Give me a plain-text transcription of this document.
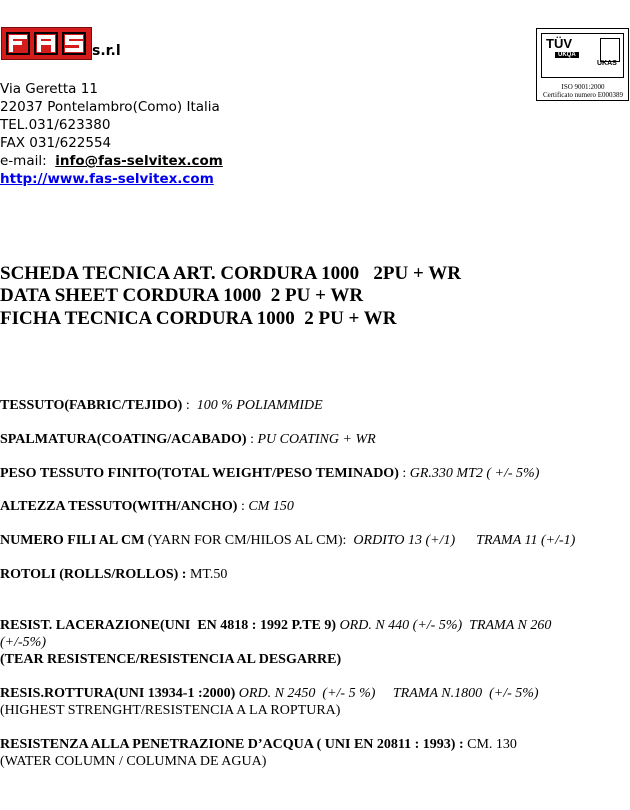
s.r.l	TÜV
UKQA
UKAS
ISO 9001:2000
Certificato numero E000389
Via Geretta 11
22037 Pontelambro(Como) Italia
TEL.031/623380
FAX 031/622554
e-mail: info@fas-selvitex.com
http://www.fas-selvitex.com
SCHEDA TECNICA ART. CORDURA 1000   2PU + WR
DATA SHEET CORDURA 1000  2 PU + WR
FICHA TECNICA CORDURA 1000  2 PU + WR
TESSUTO(FABRIC/TEJIDO) :  100 % POLIAMMIDE
SPALMATURA(COATING/ACABADO) : PU COATING + WR
PESO TESSUTO FINITO(TOTAL WEIGHT/PESO TEMINADO) : GR.330 MT2 ( +/- 5%)
ALTEZZA TESSUTO(WITH/ANCHO) : CM 150
NUMERO FILI AL CM (YARN FOR CM/HILOS AL CM): ORDITO 13 (+/1) TRAMA 11 (+/-1)
ROTOLI (ROLLS/ROLLOS) : MT.50
RESIST. LACERAZIONE(UNI  EN 4818 : 1992 P.TE 9) ORD. N 440 (+/- 5%)  TRAMA N 260
(+/-5%)
(TEAR RESISTENCE/RESISTENCIA AL DESGARRE)
RESIS.ROTTURA(UNI 13934-1 :2000) ORD. N 2450  (+/- 5 %)     TRAMA N.1800  (+/- 5%)
(HIGHEST STRENGHT/RESISTENCIA A LA ROPTURA)
RESISTENZA ALLA PENETRAZIONE D’ACQUA ( UNI EN 20811 : 1993) : CM. 130
(WATER COLUMN / COLUMNA DE AGUA)
